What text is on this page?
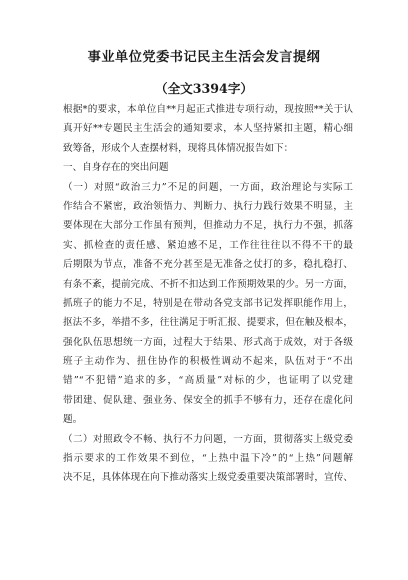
事业单位党委书记民主生活会发言提纲
（全文3394字）
根据*的要求，本单位自**月起正式推进专项行动，现按照**关于认
真开好**专题民主生活会的通知要求，本人坚持紧扣主题，精心细
致筹备，形成个人查摆材料，现将具体情况报告如下：
一、自身存在的突出问题
（一）对照“政治三力”不足的问题，一方面，政治理论与实际工
作结合不紧密，政治领悟力、判断力、执行力践行效果不明显，主
要体现在大部分工作虽有预判，但推动力不足，执行力不强，抓落
实、抓检查的责任感、紧迫感不足，工作往往往以不得不干的最
后期限为节点，准备不充分甚至是无准备之仗打的多，稳扎稳打、
有条不紊，提前完成、不折不扣达到工作预期效果的少。另一方面，
抓班子的能力不足，特别是在带动各党支部书记发挥职能作用上，
抠法不多，举措不多，往往满足于听汇报、提要求，但在触及根本，
强化队伍思想统一方面，过程大于结果、形式高于成效，对于各级
班子主动作为、扭住协作的积极性调动不起来，队伍对于“不出
错”“不犯错”追求的多，“高质量”对标的少，也证明了以党建
带团建、促队建、强业务、保安全的抓手不够有力，还存在虚化问
题。
（二）对照政令不畅、执行不力问题，一方面，贯彻落实上级党委
指示要求的工作效果不到位，“上热中温下冷”的“上热”问题解
决不足，具体体现在向下推动落实上级党委重要决策部署时，宣传、
